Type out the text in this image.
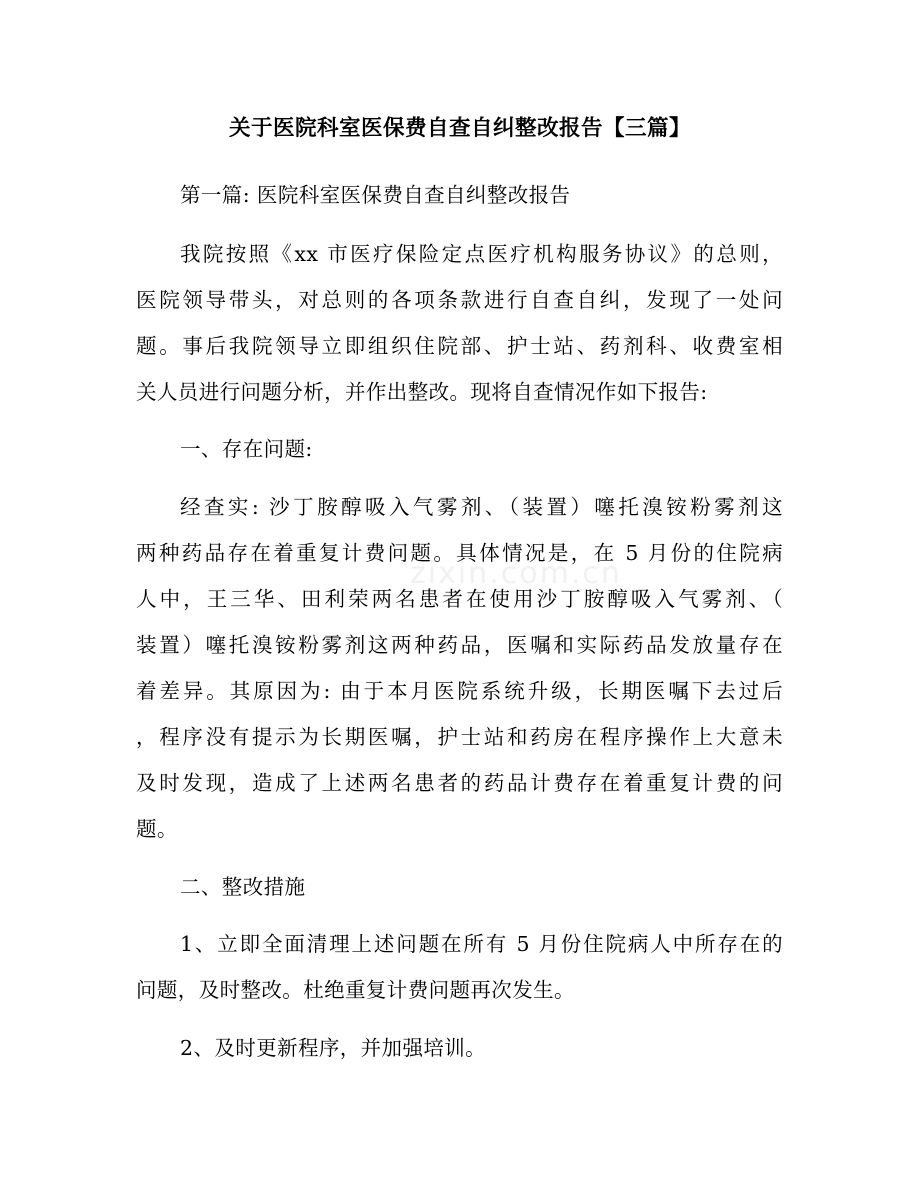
关于医院科室医保费自查自纠整改报告【三篇】
第一篇: 医院科室医保费自查自纠整改报告
我院按照《xx 市医疗保险定点医疗机构服务协议》的总则，
医院领导带头，对总则的各项条款进行自查自纠，发现了一处问
题。事后我院领导立即组织住院部、护士站、药剂科、收费室相
关人员进行问题分析，并作出整改。现将自查情况作如下报告:
一、存在问题:
经查实: 沙丁胺醇吸入气雾剂、（装置）噻托溴铵粉雾剂这
两种药品存在着重复计费问题。具体情况是，在 5 月份的住院病
人中，王三华、田利荣两名患者在使用沙丁胺醇吸入气雾剂、（
装置）噻托溴铵粉雾剂这两种药品，医嘱和实际药品发放量存在
着差异。其原因为: 由于本月医院系统升级，长期医嘱下去过后
，程序没有提示为长期医嘱，护士站和药房在程序操作上大意未
及时发现，造成了上述两名患者的药品计费存在着重复计费的问
题。
二、整改措施
1、立即全面清理上述问题在所有 5 月份住院病人中所存在的
问题，及时整改。杜绝重复计费问题再次发生。
2、及时更新程序，并加强培训。
zixin.com.cn
